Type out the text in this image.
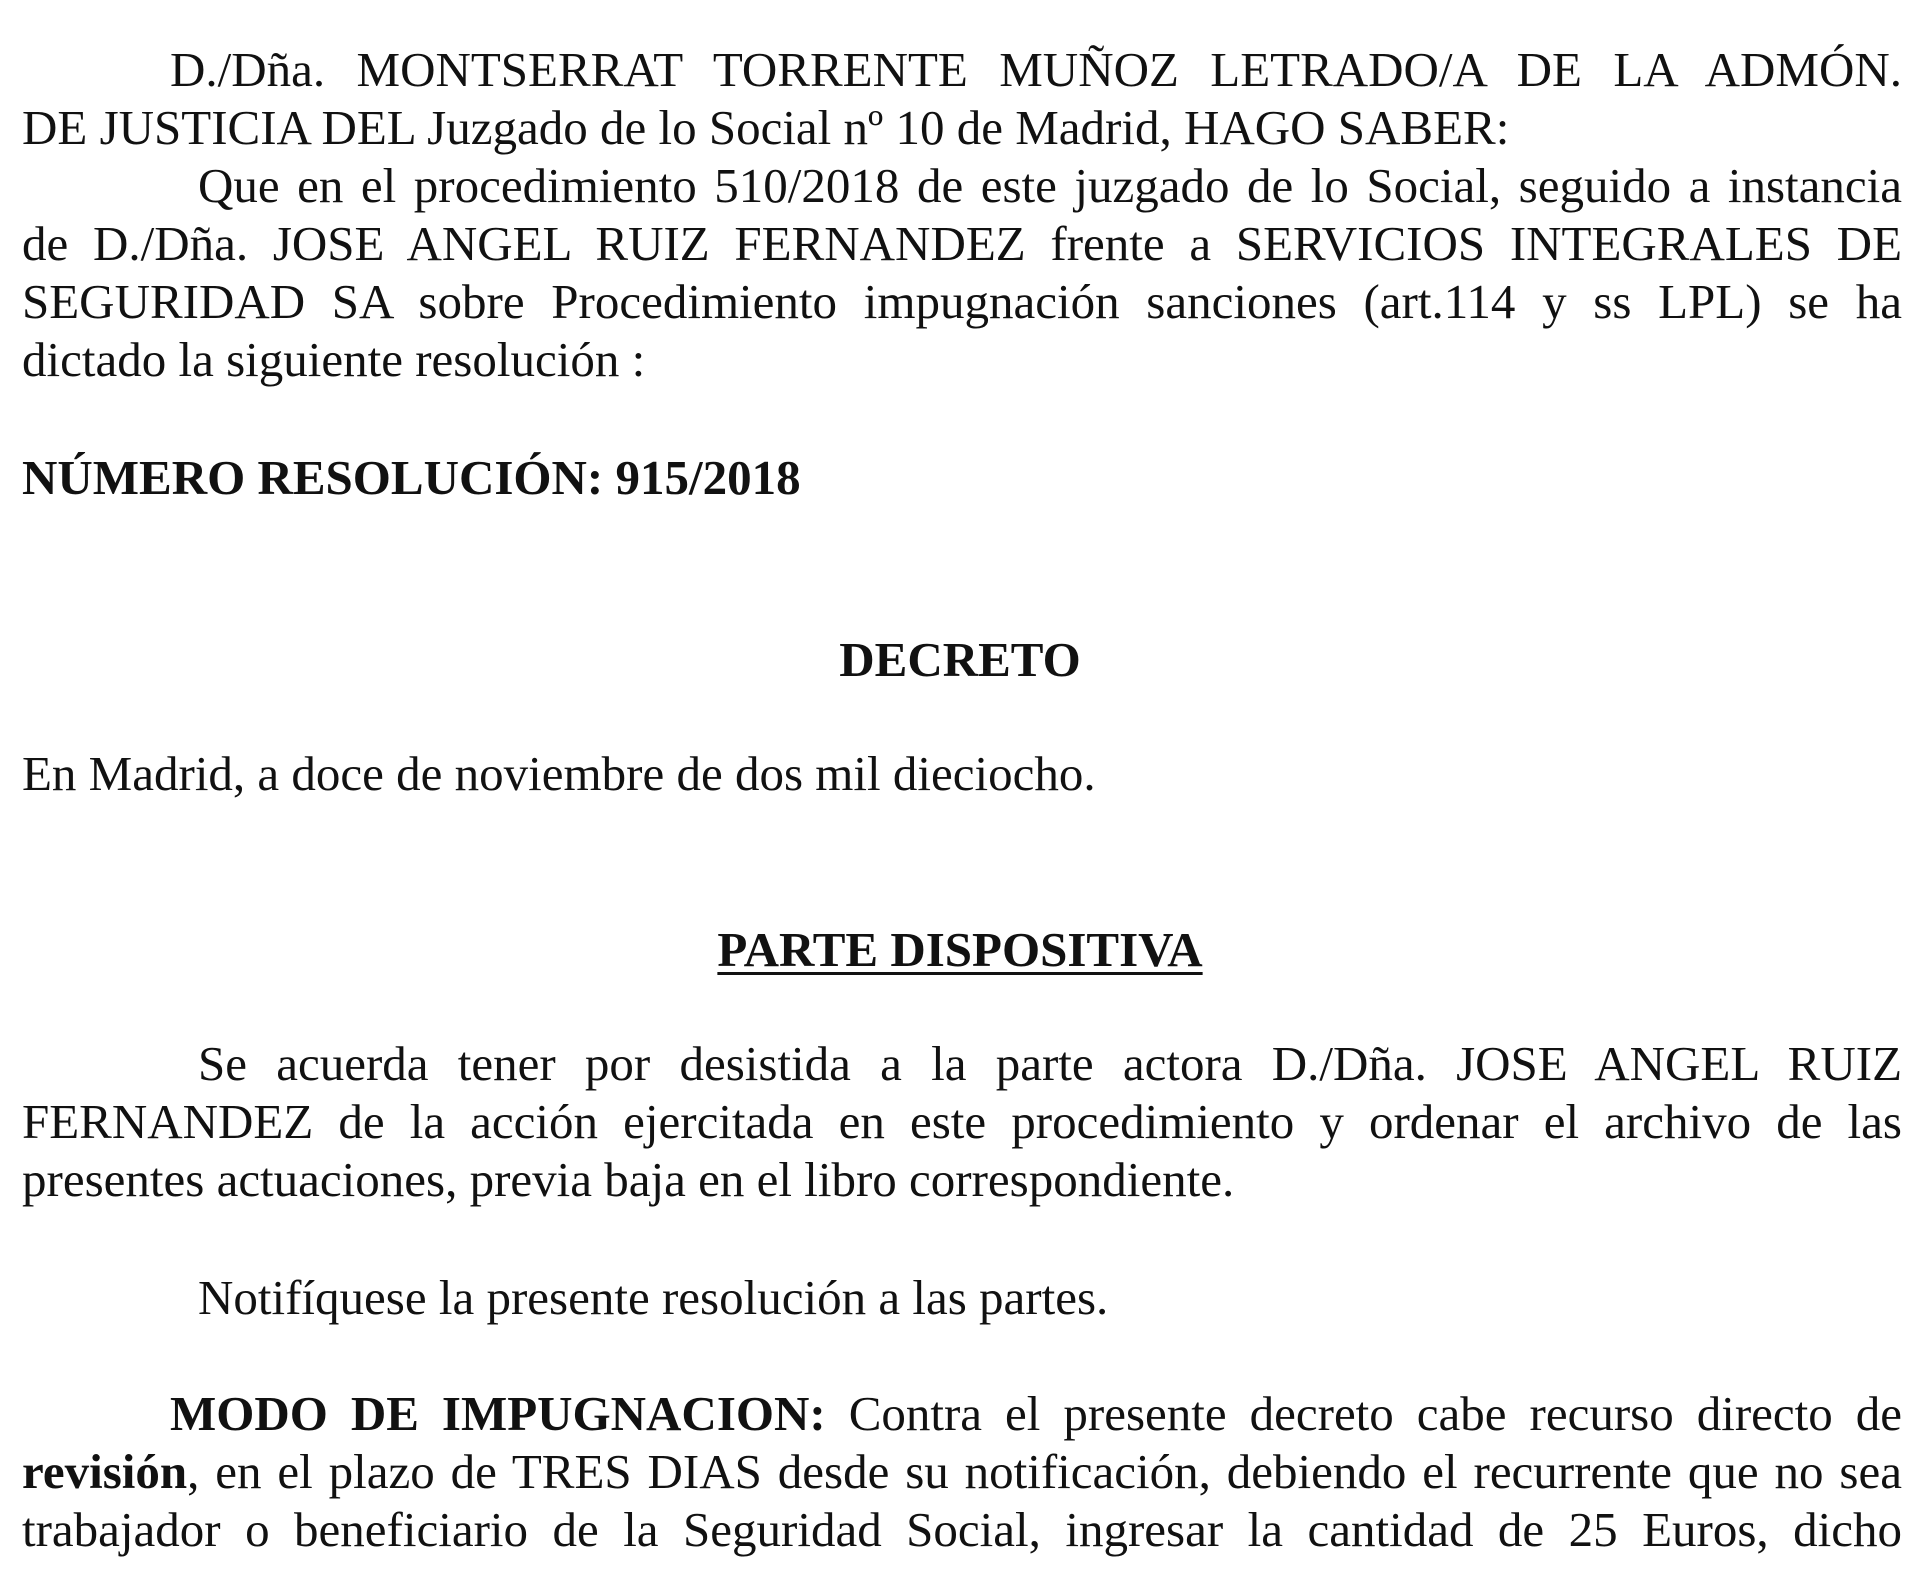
D./Dña. MONTSERRAT TORRENTE MUÑOZ LETRADO/A DE LA ADMÓN.
DE JUSTICIA DEL Juzgado de lo Social nº 10 de Madrid, HAGO SABER:
Que en el procedimiento 510/2018 de este juzgado de lo Social, seguido a instancia
de D./Dña. JOSE ANGEL RUIZ FERNANDEZ frente a SERVICIOS INTEGRALES DE
SEGURIDAD SA sobre Procedimiento impugnación sanciones (art.114 y ss LPL) se ha
dictado la siguiente resolución :
NÚMERO RESOLUCIÓN: 915/2018
DECRETO
En Madrid, a doce de noviembre de dos mil dieciocho.
PARTE DISPOSITIVA
Se acuerda tener por desistida a la parte actora D./Dña. JOSE ANGEL RUIZ
FERNANDEZ de la acción ejercitada en este procedimiento y ordenar el archivo de las
presentes actuaciones, previa baja en el libro correspondiente.
Notifíquese la presente resolución a las partes.
MODO DE IMPUGNACION: Contra el presente decreto cabe recurso directo de
revisión, en el plazo de TRES DIAS desde su notificación, debiendo el recurrente que no sea
trabajador o beneficiario de la Seguridad Social, ingresar la cantidad de 25 Euros, dicho
